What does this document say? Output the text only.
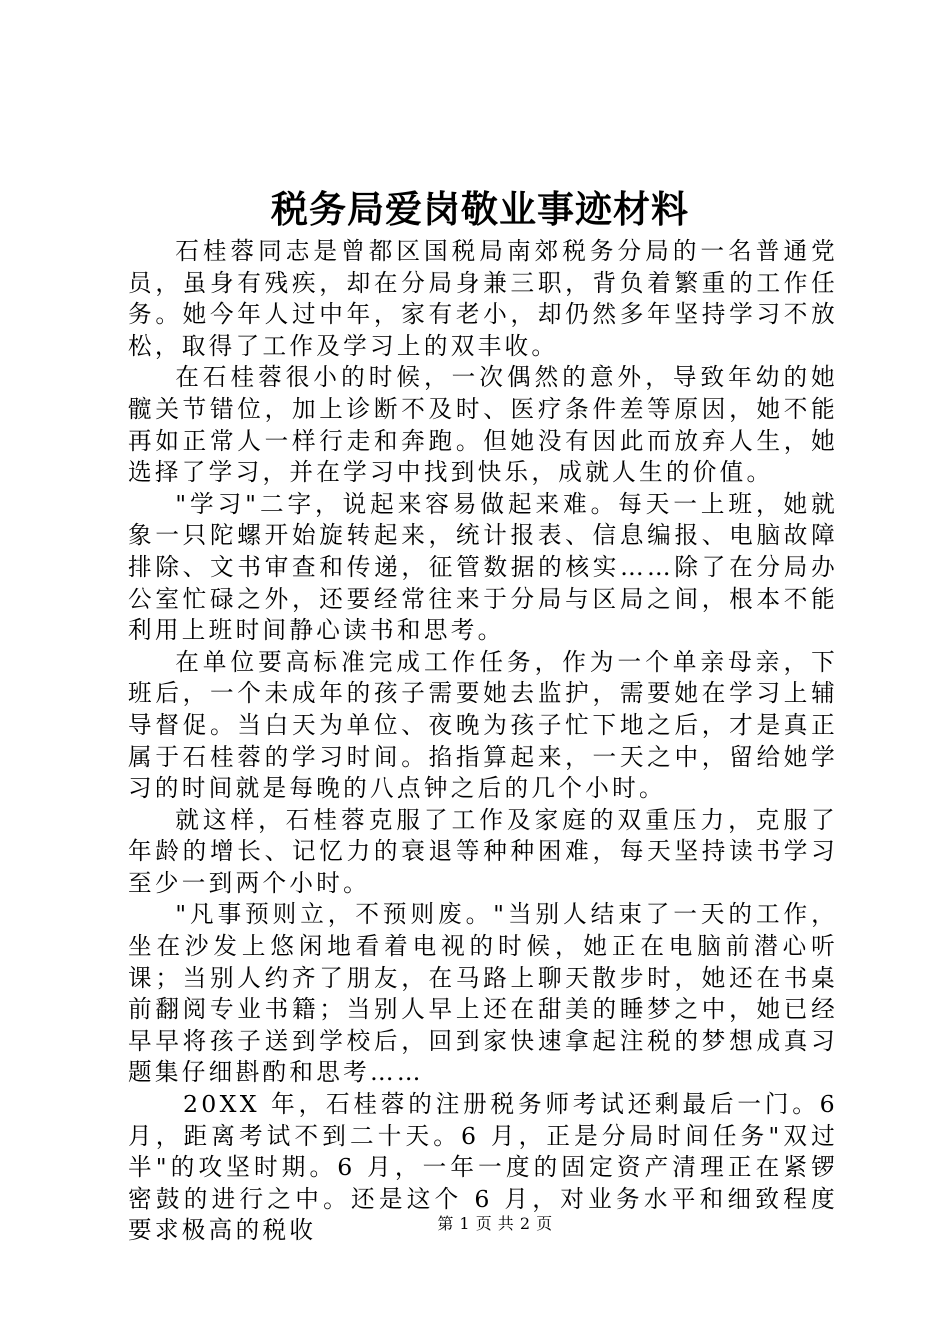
税务局爱岗敬业事迹材料

石桂蓉同志是曾都区国税局南郊税务分局的一名普通党员，虽身有残疾，却在分局身兼三职，背负着繁重的工作任务。她今年人过中年，家有老小，却仍然多年坚持学习不放松，取得了工作及学习上的双丰收。

在石桂蓉很小的时候，一次偶然的意外，导致年幼的她髋关节错位，加上诊断不及时、医疗条件差等原因，她不能再如正常人一样行走和奔跑。但她没有因此而放弃人生，她选择了学习，并在学习中找到快乐，成就人生的价值。

"学习"二字，说起来容易做起来难。每天一上班，她就象一只陀螺开始旋转起来，统计报表、信息编报、电脑故障排除、文书审查和传递，征管数据的核实……除了在分局办公室忙碌之外，还要经常往来于分局与区局之间，根本不能利用上班时间静心读书和思考。

在单位要高标准完成工作任务，作为一个单亲母亲，下班后，一个未成年的孩子需要她去监护，需要她在学习上辅导督促。当白天为单位、夜晚为孩子忙下地之后，才是真正属于石桂蓉的学习时间。掐指算起来，一天之中，留给她学习的时间就是每晚的八点钟之后的几个小时。

就这样，石桂蓉克服了工作及家庭的双重压力，克服了年龄的增长、记忆力的衰退等种种困难，每天坚持读书学习至少一到两个小时。

"凡事预则立，不预则废。"当别人结束了一天的工作，坐在沙发上悠闲地看着电视的时候，她正在电脑前潜心听课；当别人约齐了朋友，在马路上聊天散步时，她还在书桌前翻阅专业书籍；当别人早上还在甜美的睡梦之中，她已经早早将孩子送到学校后，回到家快速拿起注税的梦想成真习题集仔细斟酌和思考……

20XX 年，石桂蓉的注册税务师考试还剩最后一门。6 月，距离考试不到二十天。6 月，正是分局时间任务"双过半"的攻坚时期。6 月，一年一度的固定资产清理正在紧锣密鼓的进行之中。还是这个 6 月，对业务水平和细致程度要求极高的税收	第 1 页 共 2 页
